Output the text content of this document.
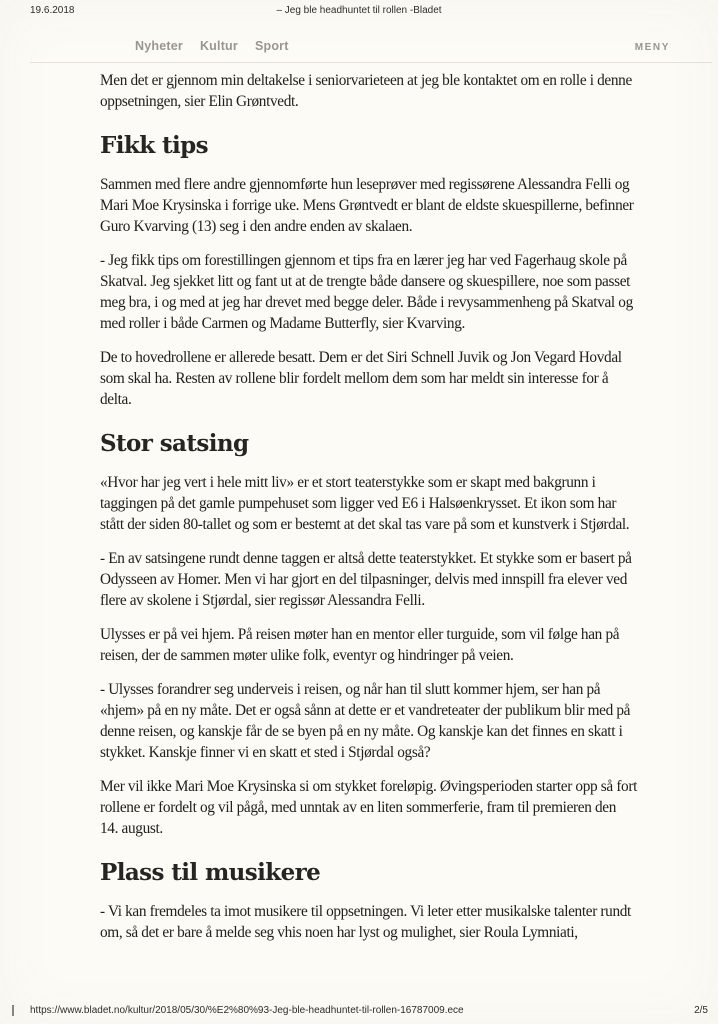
19.6.2018	– Jeg ble headhuntet til rollen -Bladet
Nyheter Kultur Sport	MENY

Men det er gjennom min deltakelse i seniorvarieteen at jeg ble kontaktet om en rolle i denne oppsetningen, sier Elin Grøntvedt.

Fikk tips

Sammen med flere andre gjennomførte hun leseprøver med regissørene Alessandra Felli og Mari Moe Krysinska i forrige uke. Mens Grøntvedt er blant de eldste skuespillerne, befinner Guro Kvarving (13) seg i den andre enden av skalaen.

- Jeg fikk tips om forestillingen gjennom et tips fra en lærer jeg har ved Fagerhaug skole på Skatval. Jeg sjekket litt og fant ut at de trengte både dansere og skuespillere, noe som passet meg bra, i og med at jeg har drevet med begge deler. Både i revysammenheng på Skatval og med roller i både Carmen og Madame Butterfly, sier Kvarving.

De to hovedrollene er allerede besatt. Dem er det Siri Schnell Juvik og Jon Vegard Hovdal som skal ha. Resten av rollene blir fordelt mellom dem som har meldt sin interesse for å delta.

Stor satsing

«Hvor har jeg vert i hele mitt liv» er et stort teaterstykke som er skapt med bakgrunn i taggingen på det gamle pumpehuset som ligger ved E6 i Halsøenkrysset. Et ikon som har stått der siden 80-tallet og som er bestemt at det skal tas vare på som et kunstverk i Stjørdal.

- En av satsingene rundt denne taggen er altså dette teaterstykket. Et stykke som er basert på Odysseen av Homer. Men vi har gjort en del tilpasninger, delvis med innspill fra elever ved flere av skolene i Stjørdal, sier regissør Alessandra Felli.

Ulysses er på vei hjem. På reisen møter han en mentor eller turguide, som vil følge han på reisen, der de sammen møter ulike folk, eventyr og hindringer på veien.

- Ulysses forandrer seg underveis i reisen, og når han til slutt kommer hjem, ser han på «hjem» på en ny måte. Det er også sånn at dette er et vandreteater der publikum blir med på denne reisen, og kanskje får de se byen på en ny måte. Og kanskje kan det finnes en skatt i stykket. Kanskje finner vi en skatt et sted i Stjørdal også?

Mer vil ikke Mari Moe Krysinska si om stykket foreløpig. Øvingsperioden starter opp så fort rollene er fordelt og vil pågå, med unntak av en liten sommerferie, fram til premieren den 14. august.

Plass til musikere

- Vi kan fremdeles ta imot musikere til oppsetningen. Vi leter etter musikalske talenter rundt om, så det er bare å melde seg vhis noen har lyst og mulighet, sier Roula Lymniati,

https://www.bladet.no/kultur/2018/05/30/%E2%80%93-Jeg-ble-headhuntet-til-rollen-16787009.ece	2/5
